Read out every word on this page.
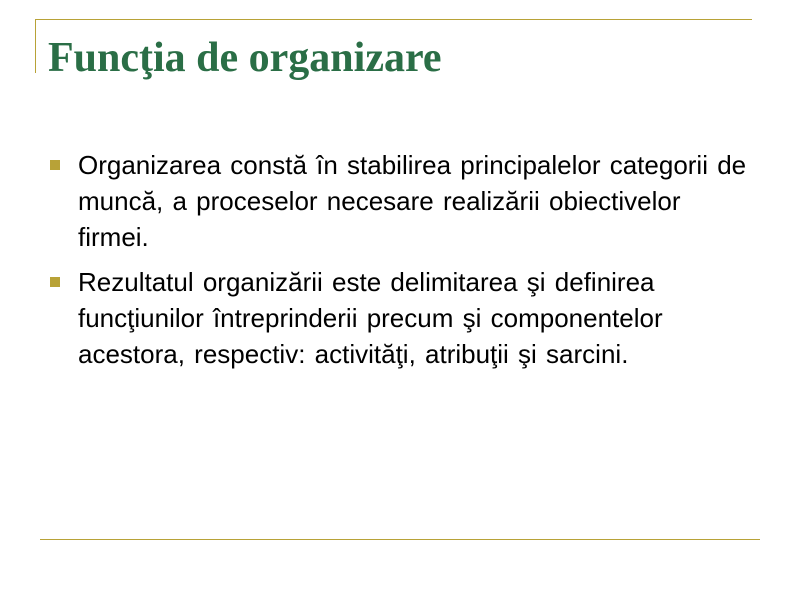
Funcţia de organizare
Organizarea constă în stabilirea principalelor categorii de muncă, a proceselor necesare realizării obiectivelor firmei.
Rezultatul organizării este delimitarea şi definirea funcţiunilor întreprinderii precum şi componentelor acestora, respectiv: activităţi, atribuţii şi sarcini.
